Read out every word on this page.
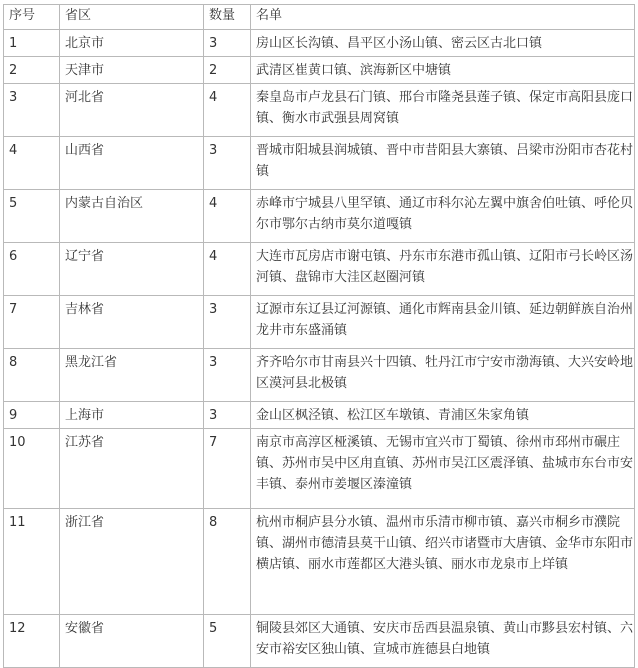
序号	省区	数量	名单
1	北京市	3	房山区长沟镇、昌平区小汤山镇、密云区古北口镇
2	天津市	2	武清区崔黄口镇、滨海新区中塘镇
3	河北省	4	秦皇岛市卢龙县石门镇、邢台市隆尧县莲子镇、保定市高阳县庞口镇、衡水市武强县周窝镇
4	山西省	3	晋城市阳城县润城镇、晋中市昔阳县大寨镇、吕梁市汾阳市杏花村镇
5	内蒙古自治区	4	赤峰市宁城县八里罕镇、通辽市科尔沁左翼中旗舍伯吐镇、呼伦贝尔市鄂尔古纳市莫尔道嘎镇
6	辽宁省	4	大连市瓦房店市谢屯镇、丹东市东港市孤山镇、辽阳市弓长岭区汤河镇、盘锦市大洼区赵圈河镇
7	吉林省	3	辽源市东辽县辽河源镇、通化市辉南县金川镇、延边朝鲜族自治州龙井市东盛涌镇
8	黑龙江省	3	齐齐哈尔市甘南县兴十四镇、牡丹江市宁安市渤海镇、大兴安岭地区漠河县北极镇
9	上海市	3	金山区枫泾镇、松江区车墩镇、青浦区朱家角镇
10	江苏省	7	南京市高淳区桠溪镇、无锡市宜兴市丁蜀镇、徐州市邳州市碾庄镇、苏州市吴中区甪直镇、苏州市吴江区震泽镇、盐城市东台市安丰镇、泰州市姜堰区溱潼镇
11	浙江省	8	杭州市桐庐县分水镇、温州市乐清市柳市镇、嘉兴市桐乡市濮院镇、湖州市德清县莫干山镇、绍兴市诸暨市大唐镇、金华市东阳市横店镇、丽水市莲都区大港头镇、丽水市龙泉市上垟镇
12	安徽省	5	铜陵县郊区大通镇、安庆市岳西县温泉镇、黄山市黟县宏村镇、六安市裕安区独山镇、宣城市旌德县白地镇
